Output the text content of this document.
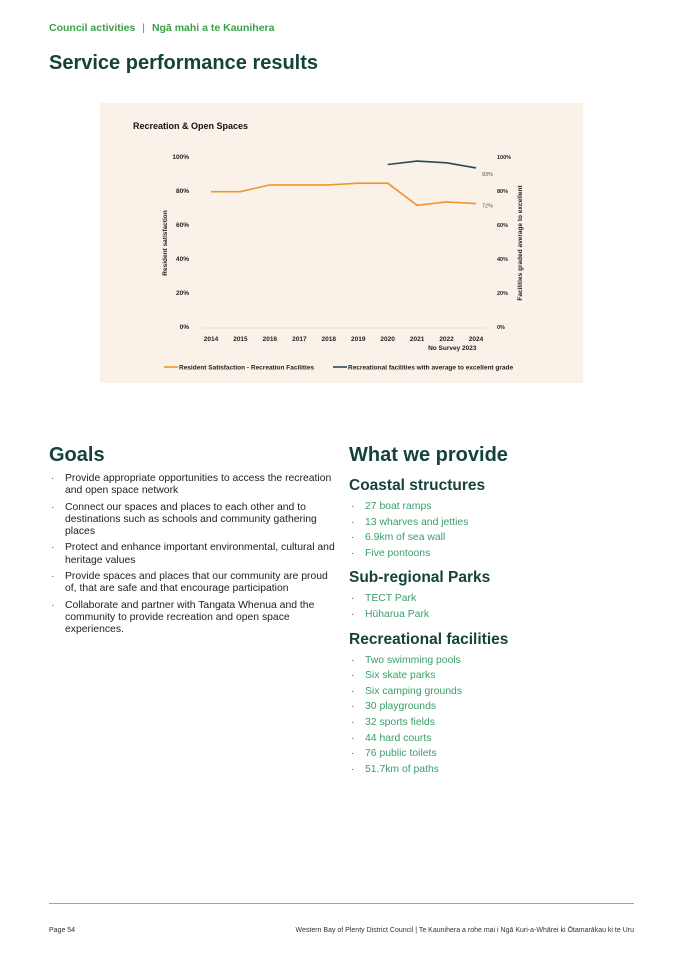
Council activities | Ngā mahi a te Kaunihera
Service performance results
Recreation & Open Spaces
0%	0%
20%	20%
40%	40%
60%	60%
80%	80%
100%	100%
2014 2015 2016 2017 2018 2019 2020 2021 2022 2024
No Survey 2023
Resident satisfaction	Facilities graded average to excellent
72%
93%
Resident Satisfaction - Recreation Facilities	Recreational facilities with average to excellent grade
Goals
· Provide appropriate opportunities to access the recreation and open space network
· Connect our spaces and places to each other and to destinations such as schools and community gathering places
· Protect and enhance important environmental, cultural and heritage values
· Provide spaces and places that our community are proud of, that are safe and that encourage participation
· Collaborate and partner with Tangata Whenua and the community to provide recreation and open space experiences.
What we provide
Coastal structures
· 27 boat ramps
· 13 wharves and jetties
· 6.9km of sea wall
· Five pontoons
Sub-regional Parks
· TECT Park
· Hūharua Park
Recreational facilities
· Two swimming pools
· Six skate parks
· Six camping grounds
· 30 playgrounds
· 32 sports fields
· 44 hard courts
· 76 public toilets
· 51.7km of paths
Page 54	Western Bay of Plenty District Council | Te Kaunihera a rohe mai i Ngā Kuri-a-Whārei ki Ōtamarākau ki te Uru
